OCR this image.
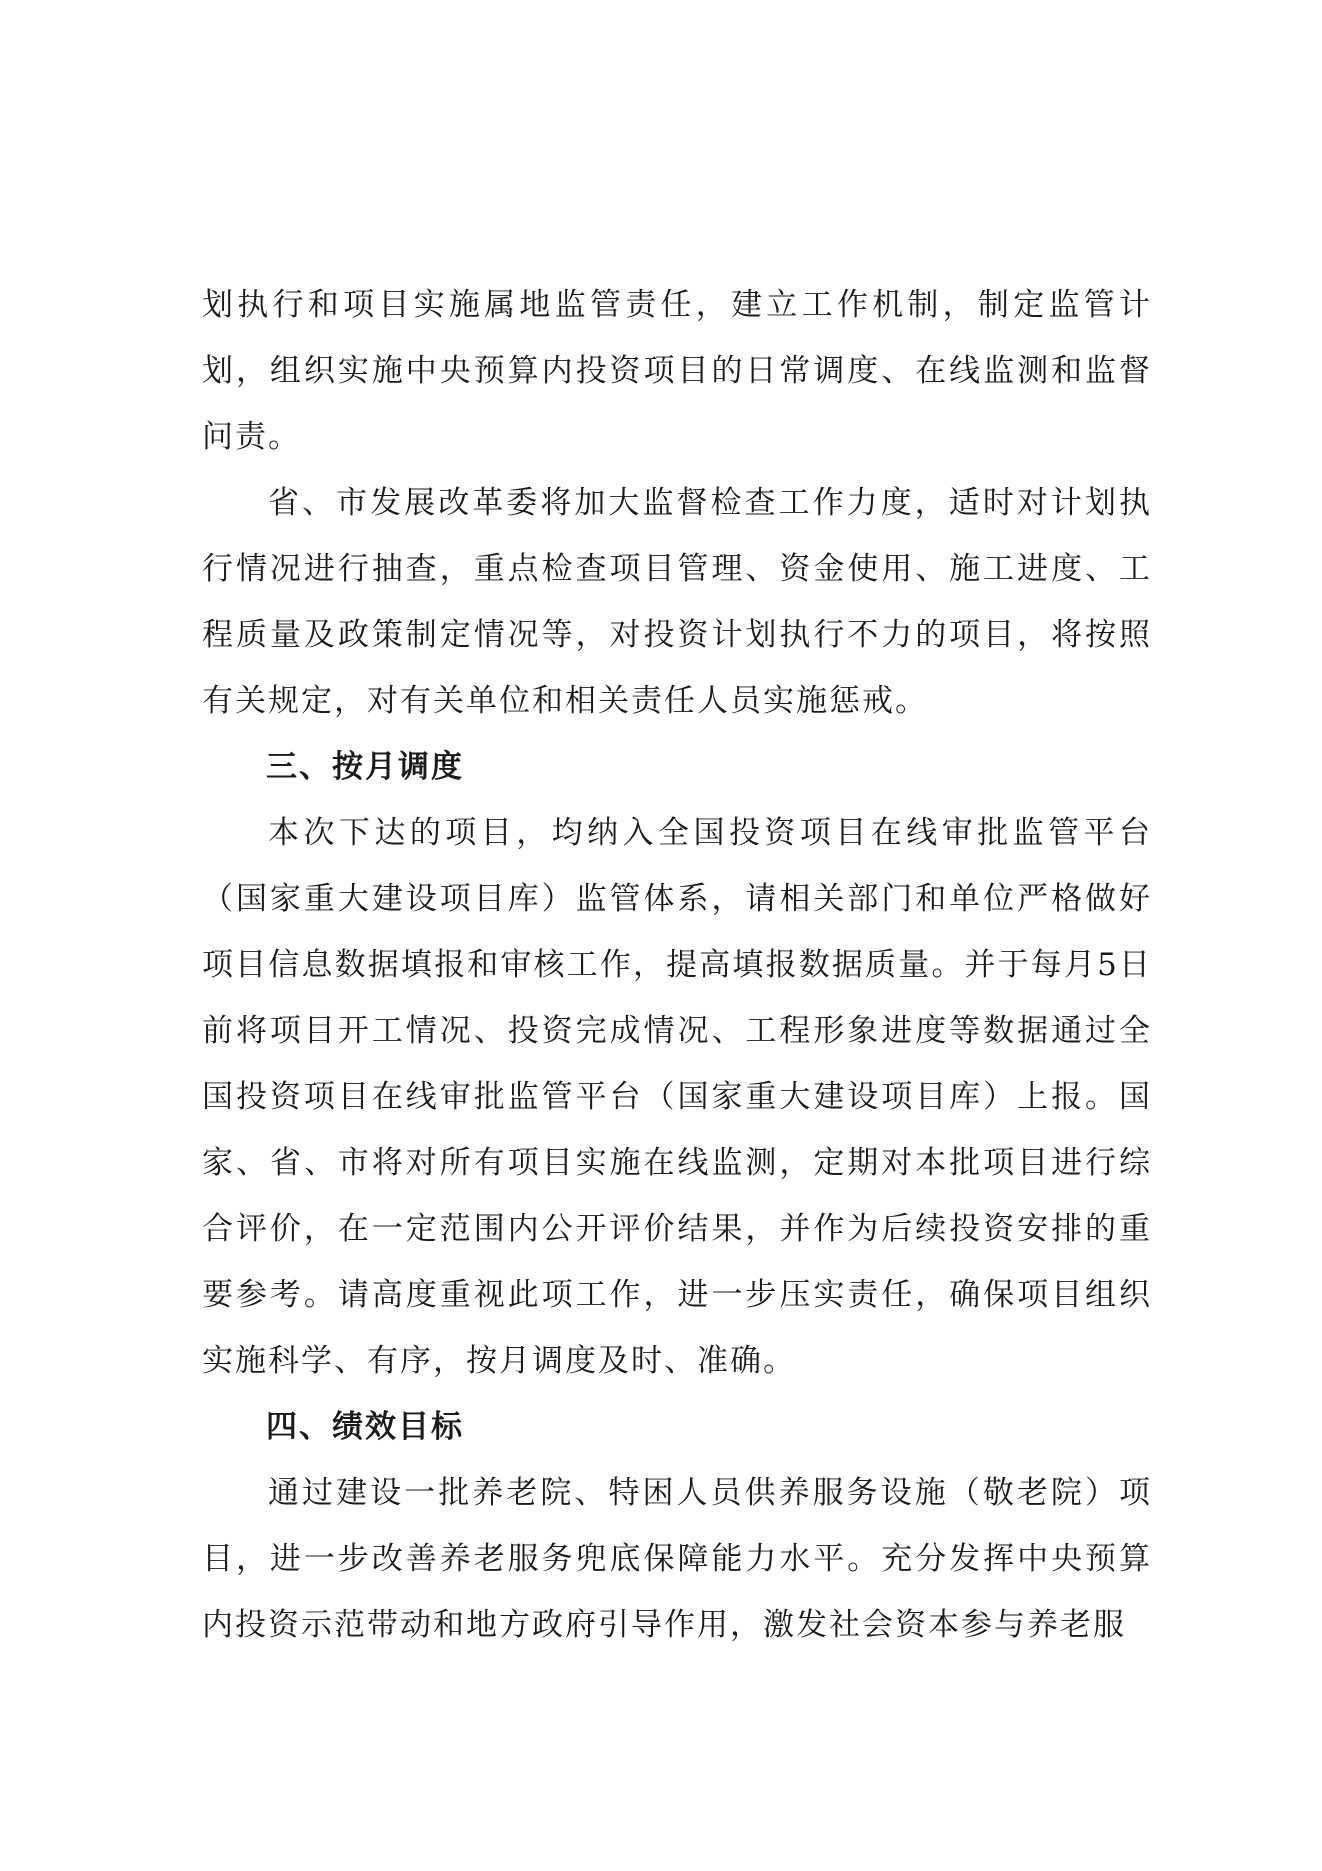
划执行和项目实施属地监管责任，建立工作机制，制定监管计划，组织实施中央预算内投资项目的日常调度、在线监测和监督问责。

省、市发展改革委将加大监督检查工作力度，适时对计划执行情况进行抽查，重点检查项目管理、资金使用、施工进度、工程质量及政策制定情况等，对投资计划执行不力的项目，将按照有关规定，对有关单位和相关责任人员实施惩戒。

三、按月调度

本次下达的项目，均纳入全国投资项目在线审批监管平台（国家重大建设项目库）监管体系，请相关部门和单位严格做好项目信息数据填报和审核工作，提高填报数据质量。并于每月5日前将项目开工情况、投资完成情况、工程形象进度等数据通过全国投资项目在线审批监管平台（国家重大建设项目库）上报。国家、省、市将对所有项目实施在线监测，定期对本批项目进行综合评价，在一定范围内公开评价结果，并作为后续投资安排的重要参考。请高度重视此项工作，进一步压实责任，确保项目组织实施科学、有序，按月调度及时、准确。

四、绩效目标

通过建设一批养老院、特困人员供养服务设施（敬老院）项目，进一步改善养老服务兜底保障能力水平。充分发挥中央预算内投资示范带动和地方政府引导作用，激发社会资本参与养老服
